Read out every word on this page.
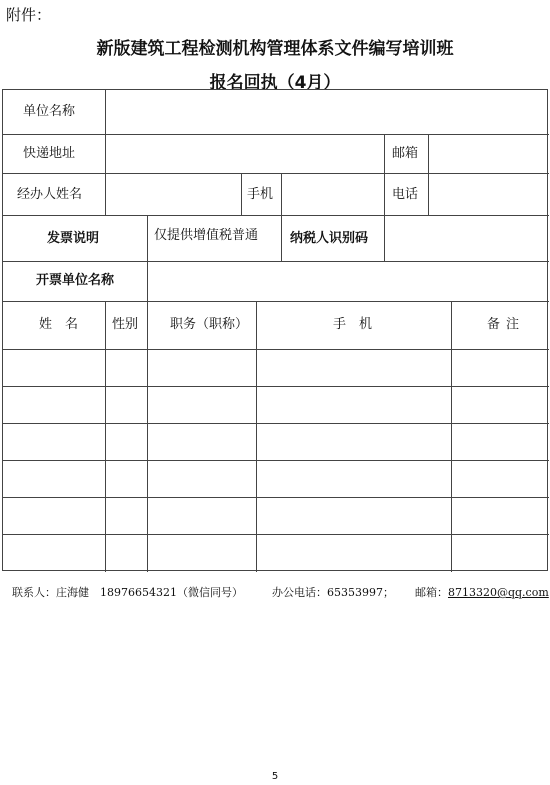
附件：
新版建筑工程检测机构管理体系文件编写培训班
报名回执（4月）
单位名称
快递地址	邮箱
经办人姓名	手机	电话
发票说明	仅提供增值税普通 纳税人识别码
开票单位名称
姓　名	性别 职务（职称）	手　机	备注
联系人：庄海健　18976654321（微信同号）	办公电话：65353997； 邮箱：8713320@qq.com
5
